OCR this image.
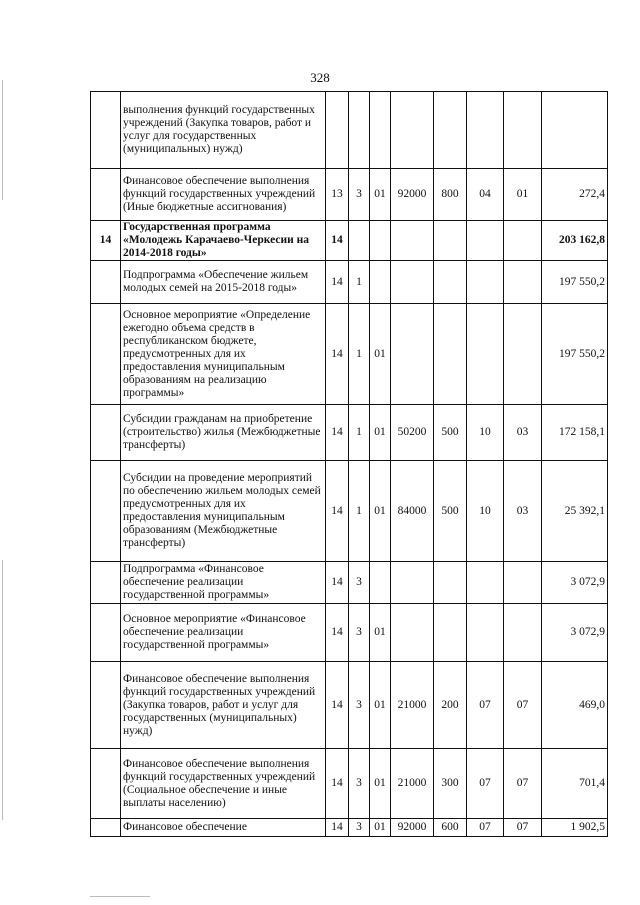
328
	выполнения функций государственных учреждений (Закупка товаров, работ и услуг для государственных (муниципальных) нужд)								
	Финансовое обеспечение выполнения функций государственных учреждений (Иные бюджетные ассигнования)	13	3	01	92000	800	04	01	272,4
14	Государственная программа «Молодежь Карачаево-Черкесии на 2014-2018 годы»	14							203 162,8
	Подпрограмма «Обеспечение жильем молодых семей на 2015-2018 годы»	14	1						197 550,2
	Основное мероприятие «Определение ежегодно объема средств в республиканском бюджете, предусмотренных для их предоставления муниципальным образованиям на реализацию программы»	14	1	01					197 550,2
	Субсидии гражданам на приобретение (строительство) жилья (Межбюджетные трансферты)	14	1	01	50200	500	10	03	172 158,1
	Субсидии на проведение мероприятий по обеспечению жильем молодых семей предусмотренных для их предоставления муниципальным образованиям (Межбюджетные трансферты)	14	1	01	84000	500	10	03	25 392,1
	Подпрограмма «Финансовое обеспечение реализации государственной программы»	14	3						3 072,9
	Основное мероприятие «Финансовое обеспечение реализации государственной программы»	14	3	01					3 072,9
	Финансовое обеспечение выполнения функций государственных учреждений (Закупка товаров, работ и услуг для государственных (муниципальных) нужд)	14	3	01	21000	200	07	07	469,0
	Финансовое обеспечение выполнения функций государственных учреждений (Социальное обеспечение и иные выплаты населению)	14	3	01	21000	300	07	07	701,4
	Финансовое обеспечение	14	3	01	92000	600	07	07	1 902,5
